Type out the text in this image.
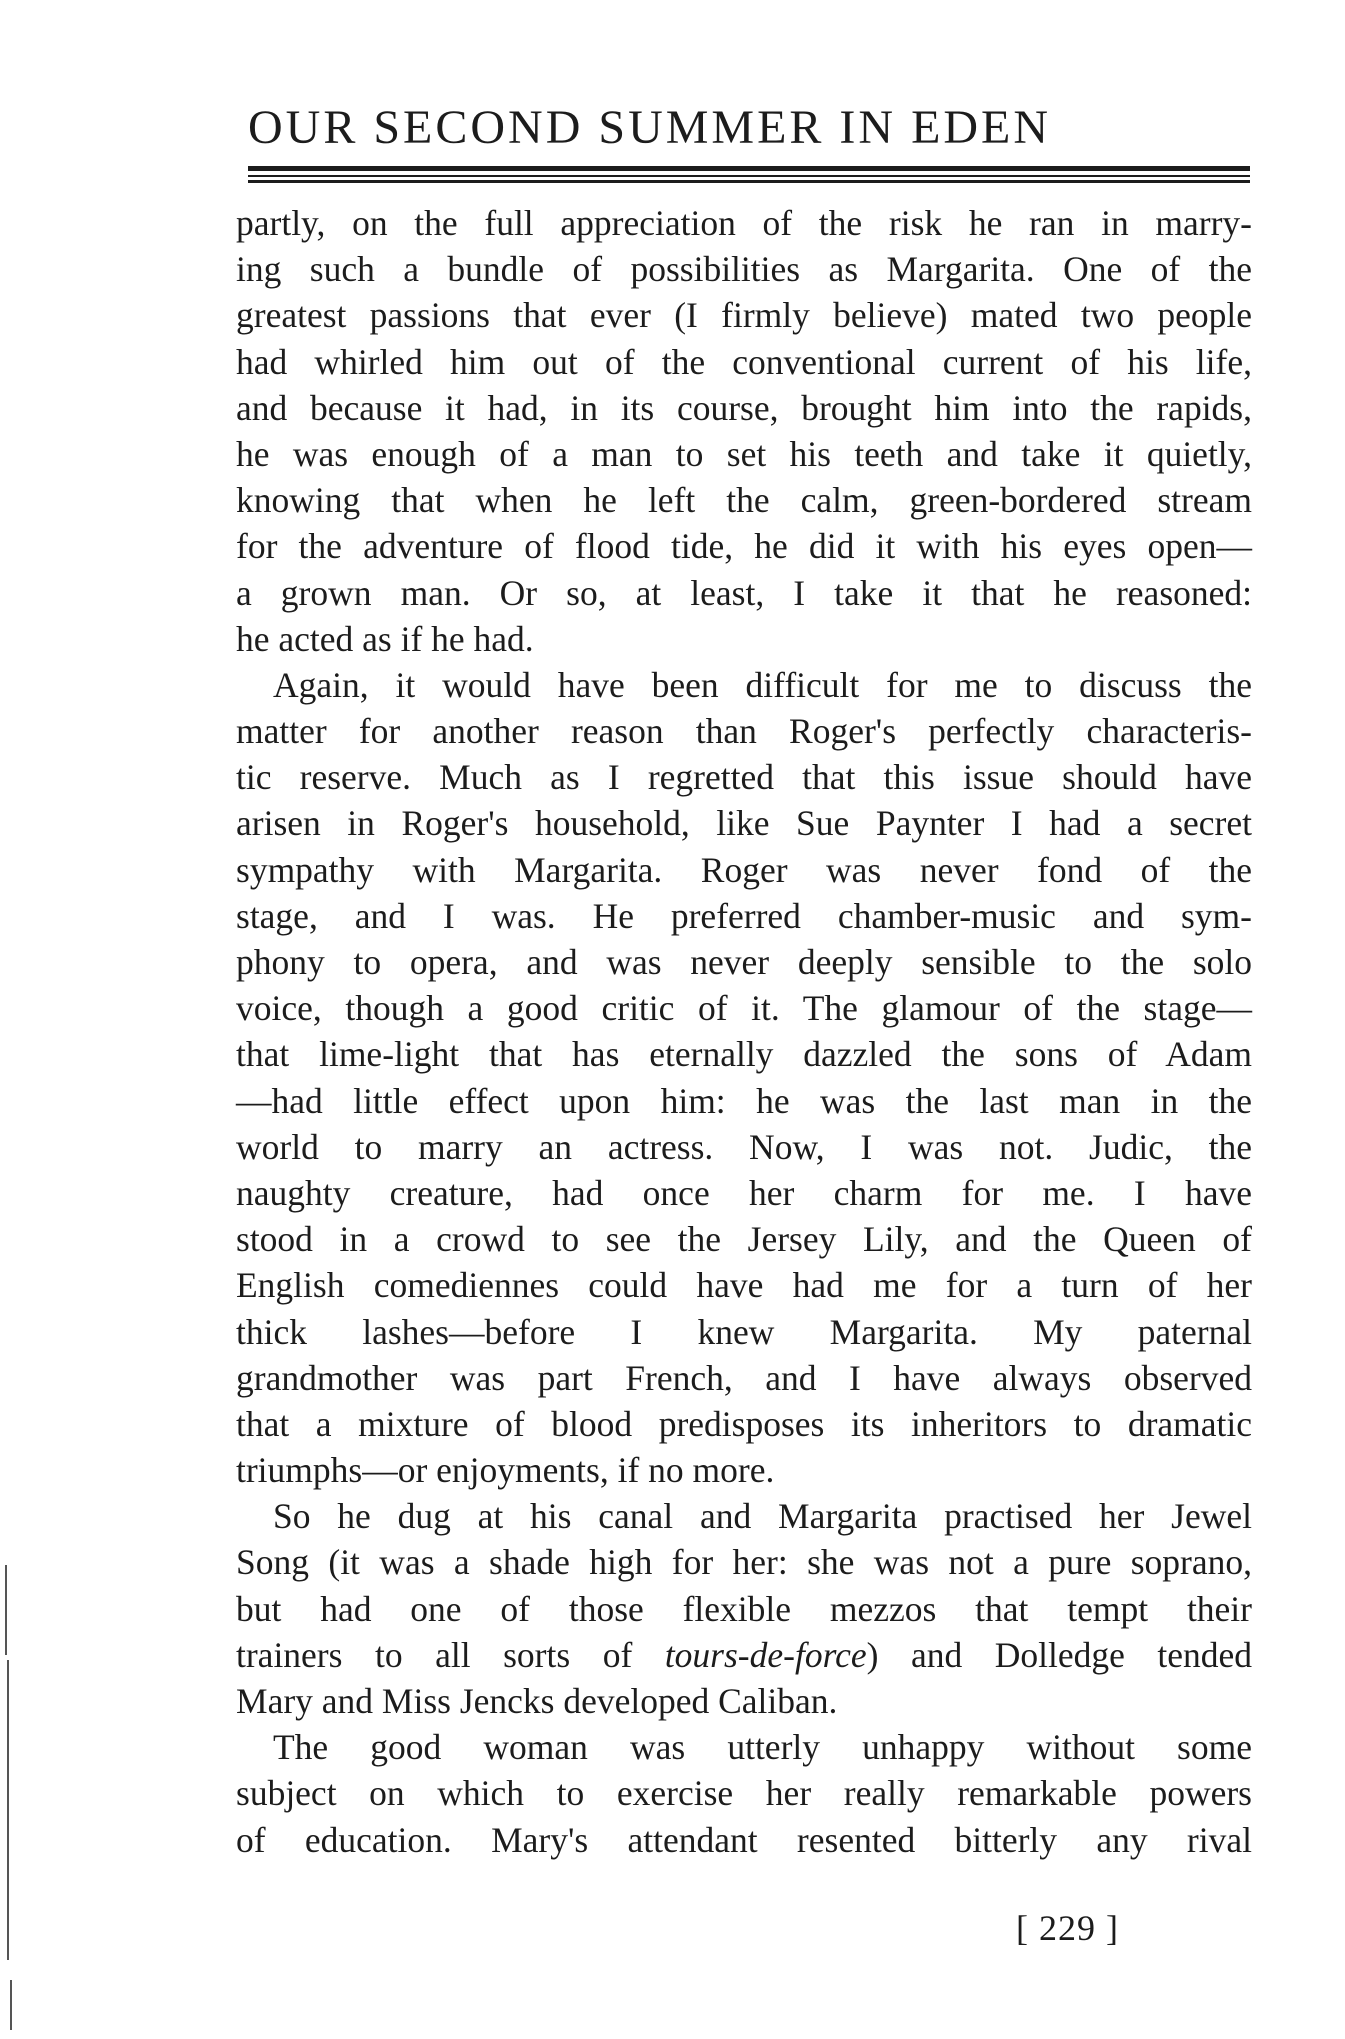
OUR SECOND SUMMER IN EDEN
partly, on the full appreciation of the risk he ran in marry-
ing such a bundle of possibilities as Margarita. One of the
greatest passions that ever (I firmly believe) mated two people
had whirled him out of the conventional current of his life,
and because it had, in its course, brought him into the rapids,
he was enough of a man to set his teeth and take it quietly,
knowing that when he left the calm, green-bordered stream
for the adventure of flood tide, he did it with his eyes open—
a grown man. Or so, at least, I take it that he reasoned:
he acted as if he had.
Again, it would have been difficult for me to discuss the
matter for another reason than Roger's perfectly characteris-
tic reserve. Much as I regretted that this issue should have
arisen in Roger's household, like Sue Paynter I had a secret
sympathy with Margarita. Roger was never fond of the
stage, and I was. He preferred chamber-music and sym-
phony to opera, and was never deeply sensible to the solo
voice, though a good critic of it. The glamour of the stage—
that lime-light that has eternally dazzled the sons of Adam
—had little effect upon him: he was the last man in the
world to marry an actress. Now, I was not. Judic, the
naughty creature, had once her charm for me. I have
stood in a crowd to see the Jersey Lily, and the Queen of
English comediennes could have had me for a turn of her
thick lashes—before I knew Margarita. My paternal
grandmother was part French, and I have always observed
that a mixture of blood predisposes its inheritors to dramatic
triumphs—or enjoyments, if no more.
So he dug at his canal and Margarita practised her Jewel
Song (it was a shade high for her: she was not a pure soprano,
but had one of those flexible mezzos that tempt their
trainers to all sorts of tours-de-force) and Dolledge tended
Mary and Miss Jencks developed Caliban.
The good woman was utterly unhappy without some
subject on which to exercise her really remarkable powers
of education. Mary's attendant resented bitterly any rival
[ 229 ]
